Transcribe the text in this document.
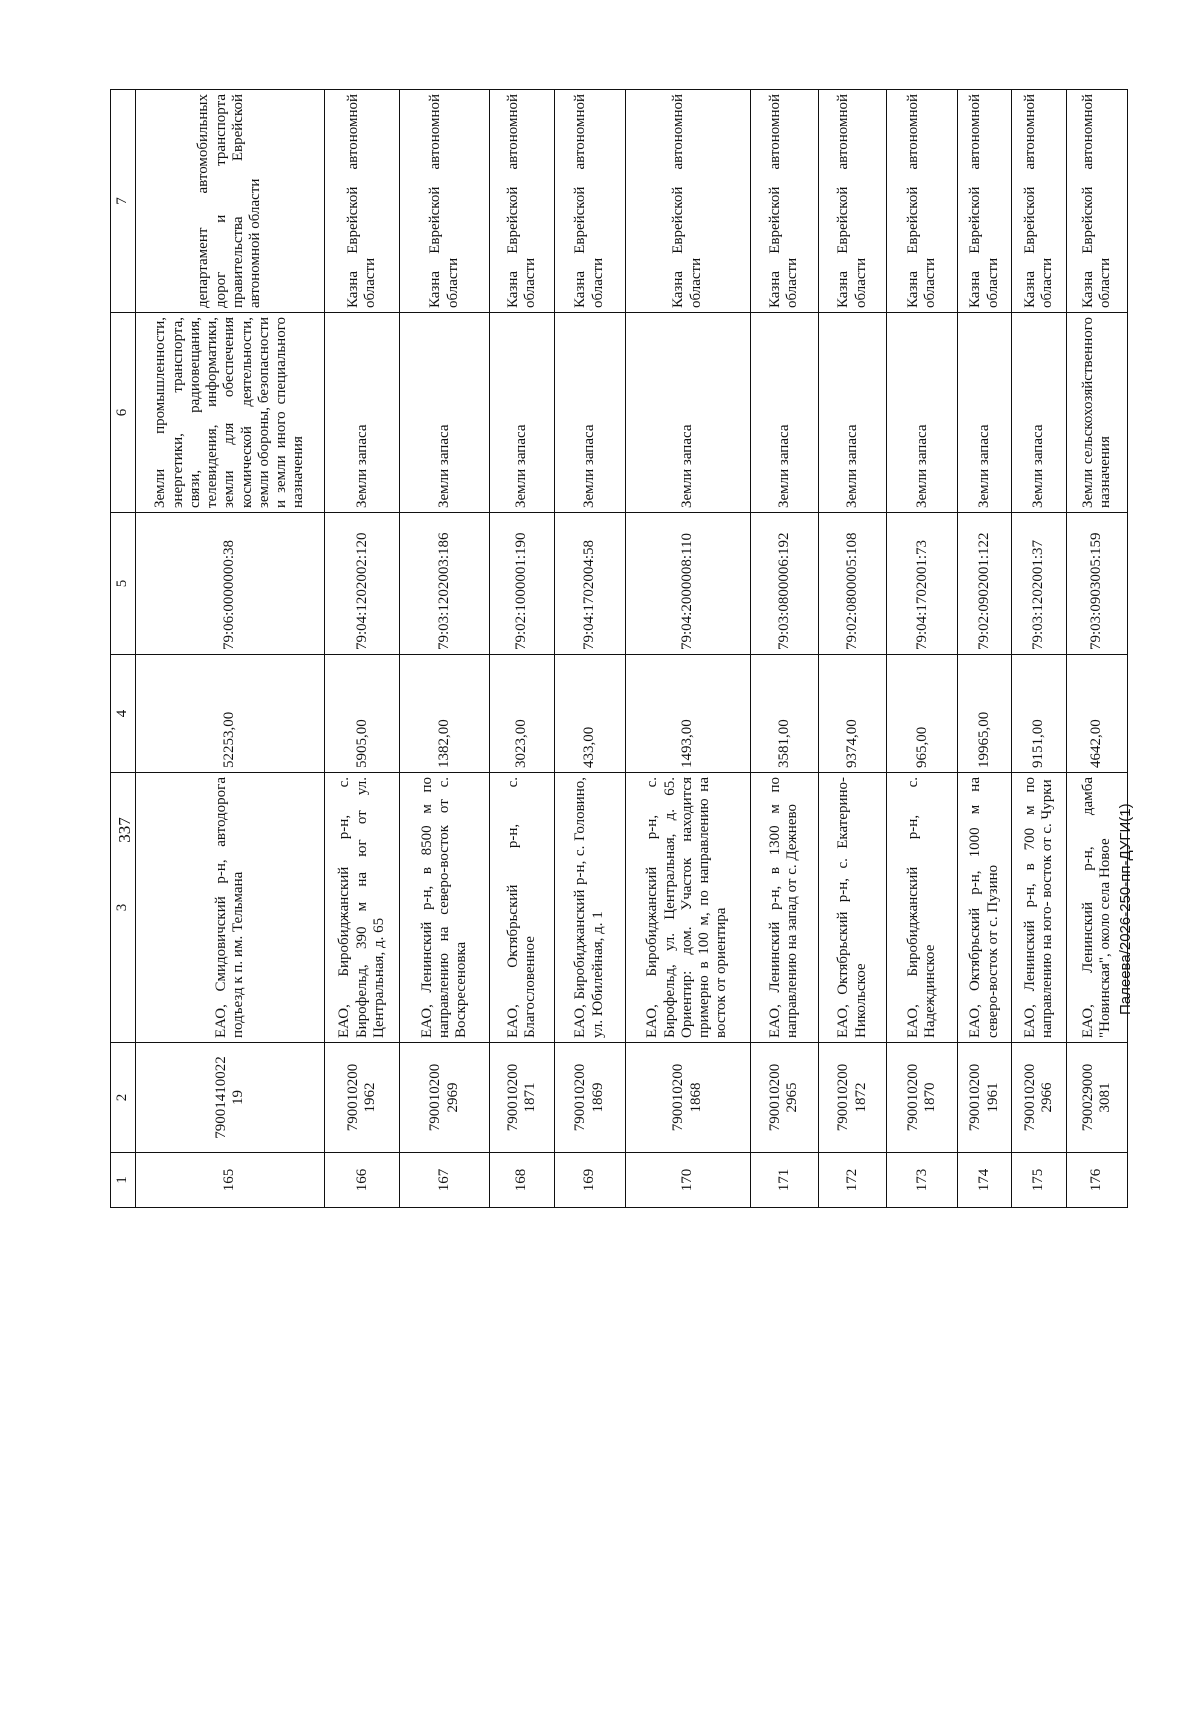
337	Палеева/2026-250-пп-ДУГИ(1)
1	2	3	4	5	6	7
165	79001410022 19	ЕАО, Смидовичский р-н, автодорога подъезд к п. им. Тельмана	52253,00	79:06:0000000:38	Земли промышленности, энергетики, транспорта, связи, радиовещания, телевидения, информатики, земли для обеспечения космической деятельности, земли обороны, безопасности и земли иного специального назначения	департамент автомобильных дорог и транспорта правительства Еврейской автономной области
166	790010200 1962	ЕАО, Биробиджанский р-н, с. Бирофельд, 390 м на юг от ул. Центральная, д. 65	5905,00	79:04:1202002:120	Земли запаса	Казна Еврейской автономной области
167	790010200 2969	ЕАО, Ленинский р-н, в 8500 м по направлению на северо-восток от с. Воскресеновка	1382,00	79:03:1202003:186	Земли запаса	Казна Еврейской автономной области
168	790010200 1871	ЕАО, Октябрьский р-н, с. Благословенное	3023,00	79:02:1000001:190	Земли запаса	Казна Еврейской автономной области
169	790010200 1869	ЕАО, Биробиджанский р-н, с. Головино, ул. Юбилейная, д. 1	433,00	79:04:1702004:58	Земли запаса	Казна Еврейской автономной области
170	790010200 1868	ЕАО, Биробиджанский р-н, с. Бирофельд, ул. Центральная, д. 65. Ориентир: дом. Участок находится примерно в 100 м, по направлению на восток от ориентира	1493,00	79:04:2000008:110	Земли запаса	Казна Еврейской автономной области
171	790010200 2965	ЕАО, Ленинский р-н, в 1300 м по направлению на запад от с. Дежнево	3581,00	79:03:0800006:192	Земли запаса	Казна Еврейской автономной области
172	790010200 1872	ЕАО, Октябрьский р-н, с. Екатерино-Никольское	9374,00	79:02:0800005:108	Земли запаса	Казна Еврейской автономной области
173	790010200 1870	ЕАО, Биробиджанский р-н, с. Надеждинское	965,00	79:04:1702001:73	Земли запаса	Казна Еврейской автономной области
174	790010200 1961	ЕАО, Октябрьский р-н, 1000 м на северо-восток от с. Пузино	19965,00	79:02:0902001:122	Земли запаса	Казна Еврейской автономной области
175	790010200 2966	ЕАО, Ленинский р-н, в 700 м по направлению на юго- восток от с. Чурки	9151,00	79:03:1202001:37	Земли запаса	Казна Еврейской автономной области
176	790029000 3081	ЕАО, Ленинский р-н, дамба "Новинская", около села Новое	4642,00	79:03:0903005:159	Земли сельскохозяйственного назначения	Казна Еврейской автономной области
